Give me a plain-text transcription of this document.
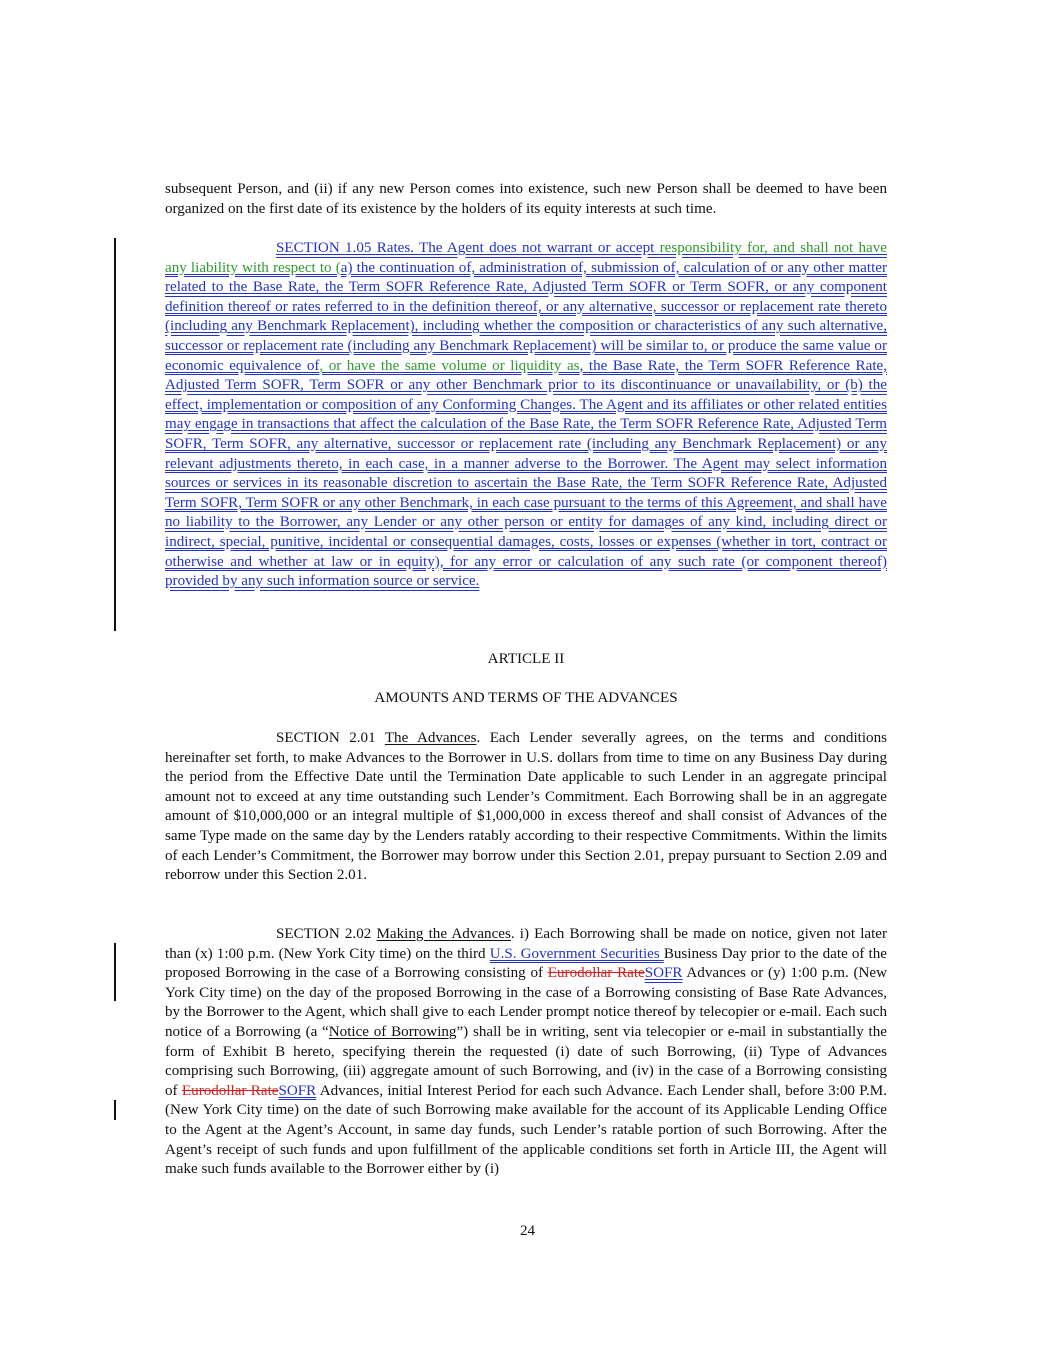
subsequent Person, and (ii) if any new Person comes into existence, such new Person shall be deemed to have been organized on the first date of its existence by the holders of its equity interests at such time.

SECTION 1.05 Rates. The Agent does not warrant or accept responsibility for, and shall not have any liability with respect to (a) the continuation of, administration of, submission of, calculation of or any other matter related to the Base Rate, the Term SOFR Reference Rate, Adjusted Term SOFR or Term SOFR, or any component definition thereof or rates referred to in the definition thereof, or any alternative, successor or replacement rate thereto (including any Benchmark Replacement), including whether the composition or characteristics of any such alternative, successor or replacement rate (including any Benchmark Replacement) will be similar to, or produce the same value or economic equivalence of, or have the same volume or liquidity as, the Base Rate, the Term SOFR Reference Rate, Adjusted Term SOFR, Term SOFR or any other Benchmark prior to its discontinuance or unavailability, or (b) the effect, implementation or composition of any Conforming Changes. The Agent and its affiliates or other related entities may engage in transactions that affect the calculation of the Base Rate, the Term SOFR Reference Rate, Adjusted Term SOFR, Term SOFR, any alternative, successor or replacement rate (including any Benchmark Replacement) or any relevant adjustments thereto, in each case, in a manner adverse to the Borrower. The Agent may select information sources or services in its reasonable discretion to ascertain the Base Rate, the Term SOFR Reference Rate, Adjusted Term SOFR, Term SOFR or any other Benchmark, in each case pursuant to the terms of this Agreement, and shall have no liability to the Borrower, any Lender or any other person or entity for damages of any kind, including direct or indirect, special, punitive, incidental or consequential damages, costs, losses or expenses (whether in tort, contract or otherwise and whether at law or in equity), for any error or calculation of any such rate (or component thereof) provided by any such information source or service.

ARTICLE II

AMOUNTS AND TERMS OF THE ADVANCES

SECTION 2.01 The Advances. Each Lender severally agrees, on the terms and conditions hereinafter set forth, to make Advances to the Borrower in U.S. dollars from time to time on any Business Day during the period from the Effective Date until the Termination Date applicable to such Lender in an aggregate principal amount not to exceed at any time outstanding such Lender’s Commitment. Each Borrowing shall be in an aggregate amount of $10,000,000 or an integral multiple of $1,000,000 in excess thereof and shall consist of Advances of the same Type made on the same day by the Lenders ratably according to their respective Commitments. Within the limits of each Lender’s Commitment, the Borrower may borrow under this Section 2.01, prepay pursuant to Section 2.09 and reborrow under this Section 2.01.

SECTION 2.02 Making the Advances. i) Each Borrowing shall be made on notice, given not later than (x) 1:00 p.m. (New York City time) on the third U.S. Government Securities Business Day prior to the date of the proposed Borrowing in the case of a Borrowing consisting of Eurodollar RateSOFR Advances or (y) 1:00 p.m. (New York City time) on the day of the proposed Borrowing in the case of a Borrowing consisting of Base Rate Advances, by the Borrower to the Agent, which shall give to each Lender prompt notice thereof by telecopier or e-mail. Each such notice of a Borrowing (a “Notice of Borrowing”) shall be in writing, sent via telecopier or e-mail in substantially the form of Exhibit B hereto, specifying therein the requested (i) date of such Borrowing, (ii) Type of Advances comprising such Borrowing, (iii) aggregate amount of such Borrowing, and (iv) in the case of a Borrowing consisting of Eurodollar RateSOFR Advances, initial Interest Period for each such Advance. Each Lender shall, before 3:00 P.M. (New York City time) on the date of such Borrowing make available for the account of its Applicable Lending Office to the Agent at the Agent’s Account, in same day funds, such Lender’s ratable portion of such Borrowing. After the Agent’s receipt of such funds and upon fulfillment of the applicable conditions set forth in Article III, the Agent will make such funds available to the Borrower either by (i)

24
